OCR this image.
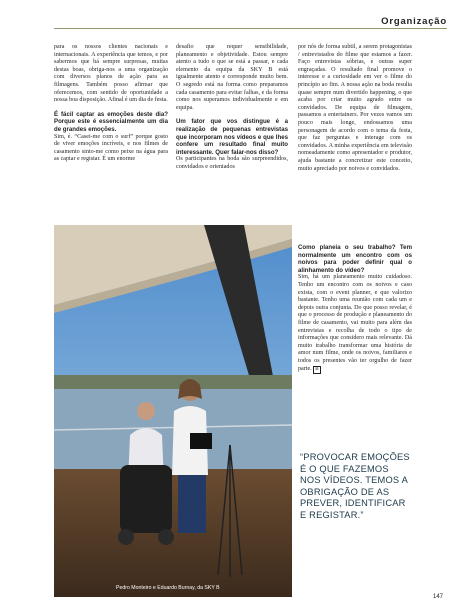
Organização

para os nossos clientes nacionais e internacionais. A experiência que temos, e por sabermos que há sempre surpresas, muitas destas boas, obriga-nos a uma organização com diversos planos de ação para as filmagens. Também posso afirmar que oferecemos, com sentido de oportunidade a nossa boa disposição. Afinal é um dia de festa.

É fácil captar as emoções deste dia? Porque este é essencialmente um dia de grandes emoções.

Sim, é. “Casei-me com o surf” porque gosto de viver emoções incríveis, e nos filmes de casamento sinto-me como peixe na água para as captar e registar. É um enorme

desafio que requer sensibilidade, planeamento e objetividade. Estou sempre atento a tudo o que se está a passar, e cada elemento da equipa da SKY B está igualmente atento e corresponde muito bem. O segredo está na forma como preparamos cada casamento para evitar falhas, e da forma como nos superamos individualmente e em equipa.

Um fator que vos distingue é a realização de pequenas entrevistas que incorporam nos vídeos e que lhes confere um resultado final muito interessante. Quer falar-nos disso?

Os participantes na boda são surpreendidos, convidados e orientados

por nós de forma subtil, a serem protagonistas / entrevistados do filme que estamos a fazer. Faço entrevistas sóbrias, e outras super engraçadas. O resultado final promove o interesse e a curiosidade em ver o filme do princípio ao fim. A nossa ação na boda resulta quase sempre num divertido happening, o que acaba por criar muito agrado entre os convidados. De equipa de filmagem, passamos a entertainers. Por vezes vamos um pouco mais longe, endossamos uma personagem de acordo com o tema da festa, que faz perguntas e interage com os convidados. A minha experiência em televisão nomeadamente como apresentador e produtor, ajuda bastante a concretizar este conceito, muito apreciado por noivos e convidados.

Como planeia o seu trabalho? Tem normalmente um encontro com os noivos para poder definir qual o alinhamento do vídeo?

Sim, há um planeamento muito cuidadoso. Tenho um encontro com os noivos e caso exista, com o event planner, e que valorizo bastante. Tenho uma reunião com cada um e depois outra conjunta. Do que posso revelar, é que o processo de produção e planeamento do filme de casamento, vai muito para além das entrevistas e recolha de todo o tipo de informações que considero mais relevante. Dá muito trabalho transformar uma história de amor num filme, onde os noivos, familiares e todos os presentes vão ter orgulho de fazer parte. B

Pedro Monteiro e Eduardo Burnay, da SKY B
“PROVOCAR EMOÇÕES É O QUE FAZEMOS NOS VÍDEOS. TEMOS A OBRIGAÇÃO DE AS PREVER, IDENTIFICAR E REGISTAR.”
147
